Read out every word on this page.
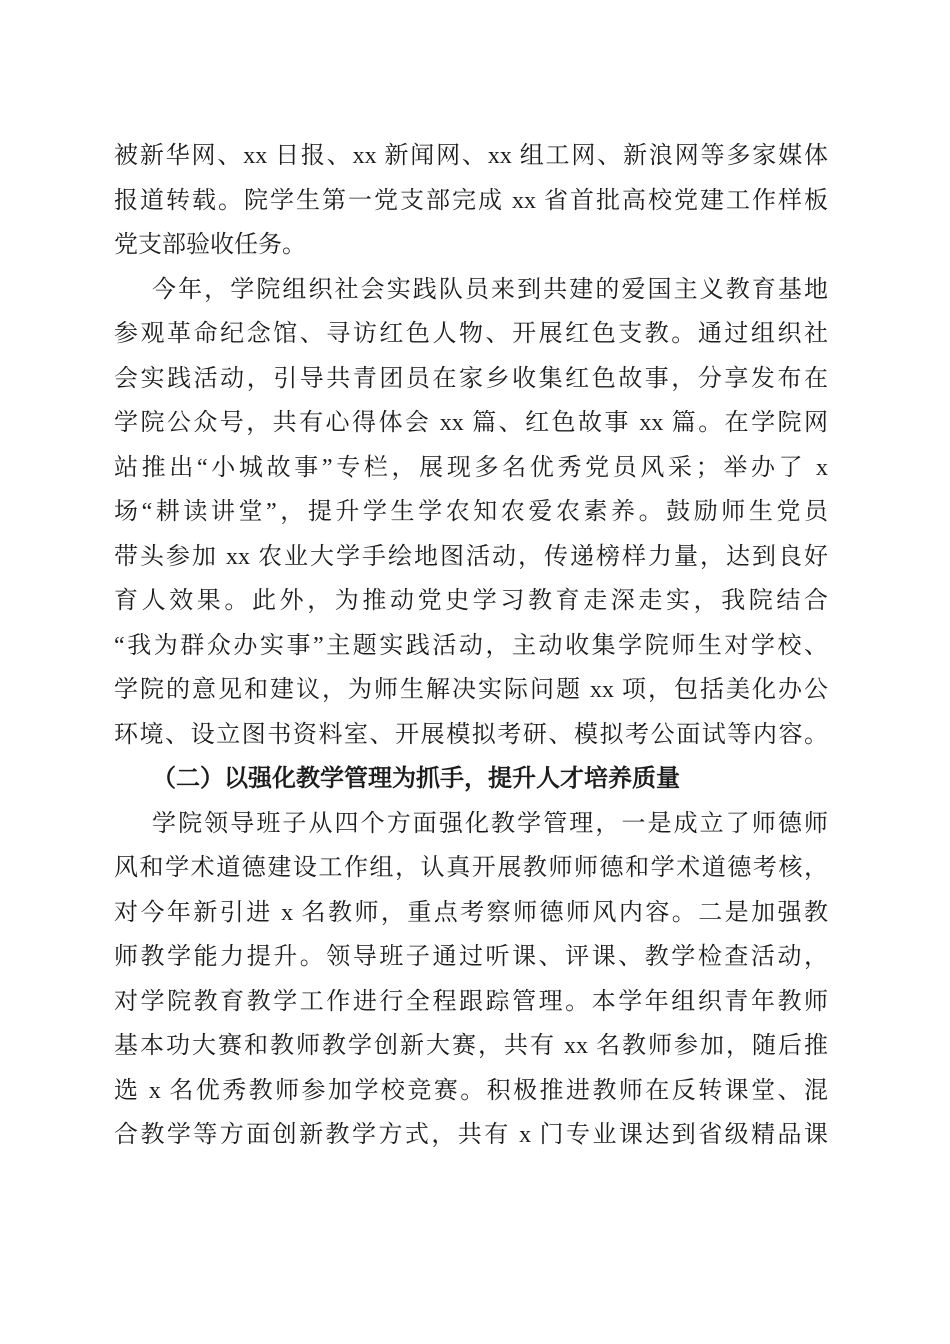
被新华网、xx 日报、xx 新闻网、xx 组工网、新浪网等多家媒体
报道转载。院学生第一党支部完成 xx 省首批高校党建工作样板
党支部验收任务。
今年，学院组织社会实践队员来到共建的爱国主义教育基地
参观革命纪念馆、寻访红色人物、开展红色支教。通过组织社
会实践活动，引导共青团员在家乡收集红色故事，分享发布在
学院公众号，共有心得体会 xx 篇、红色故事 xx 篇。在学院网
站推出“小城故事”专栏，展现多名优秀党员风采；举办了 x
场“耕读讲堂”，提升学生学农知农爱农素养。鼓励师生党员
带头参加 xx 农业大学手绘地图活动，传递榜样力量，达到良好
育人效果。此外，为推动党史学习教育走深走实，我院结合
“我为群众办实事”主题实践活动，主动收集学院师生对学校、
学院的意见和建议，为师生解决实际问题 xx 项，包括美化办公
环境、设立图书资料室、开展模拟考研、模拟考公面试等内容。
（二）以强化教学管理为抓手，提升人才培养质量
学院领导班子从四个方面强化教学管理，一是成立了师德师
风和学术道德建设工作组，认真开展教师师德和学术道德考核，
对今年新引进 x 名教师，重点考察师德师风内容。二是加强教
师教学能力提升。领导班子通过听课、评课、教学检查活动，
对学院教育教学工作进行全程跟踪管理。本学年组织青年教师
基本功大赛和教师教学创新大赛，共有 xx 名教师参加，随后推
选 x 名优秀教师参加学校竞赛。积极推进教师在反转课堂、混
合教学等方面创新教学方式，共有 x 门专业课达到省级精品课
